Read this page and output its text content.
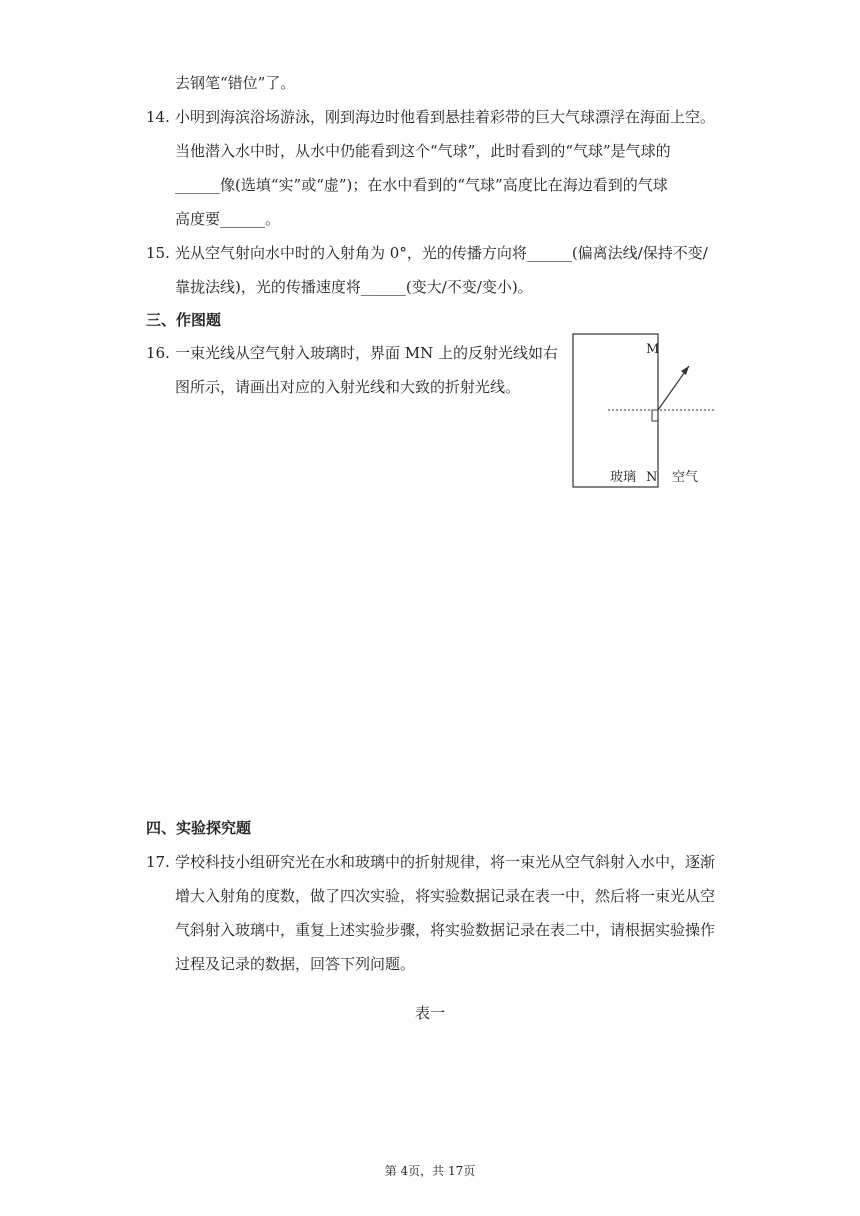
去钢笔“错位”了。
14. 小明到海滨浴场游泳，刚到海边时他看到悬挂着彩带的巨大气球漂浮在海面上空。
当他潜入水中时，从水中仍能看到这个“气球”，此时看到的“气球”是气球的
______像(选填“实”或“虚”)；在水中看到的“气球”高度比在海边看到的气球
高度要______。
15. 光从空气射向水中时的入射角为 0°，光的传播方向将______(偏离法线/保持不变/
靠拢法线)，光的传播速度将______(变大/不变/变小)。
三、作图题
16. 一束光线从空气射入玻璃时，界面 MN 上的反射光线如右
图所示，请画出对应的入射光线和大致的折射光线。
M
N
玻璃	空气
四、实验探究题
17. 学校科技小组研究光在水和玻璃中的折射规律，将一束光从空气斜射入水中，逐渐
增大入射角的度数，做了四次实验，将实验数据记录在表一中，然后将一束光从空
气斜射入玻璃中，重复上述实验步骤，将实验数据记录在表二中，请根据实验操作
过程及记录的数据，回答下列问题。
表一
第 4页，共 17页
